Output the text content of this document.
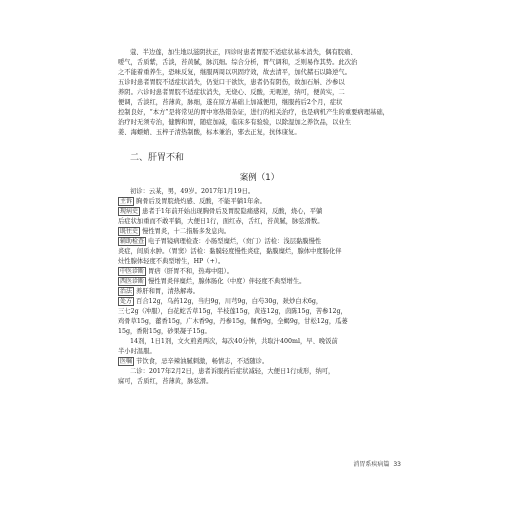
蔻、半边莲，加生地以滋阴扶正，四诊时患者胃脘不适症状基本消失，偶有脘痛、

嗳气，舌质紫，舌淡，苔黄腻，脉沉细。综合分析，胃气调和，乏则易作其势。此次治

之不能着重养生，恐味反复，继服两周以巩固疗效，故去清平，加代赭石以降逆气。

五诊时患者胃脘不适症状消失，仍觉口干欲饮，患者仍有阴伤，故加石斛、沙参以

养阴。六诊时患者胃脘不适症状消失，无烧心、反酸，无呃逆，纳可，便黄实，二

便调，舌淡红，苔薄黄，脉细，遂在原方基础上加减便用，继服药后2个月，症状

控制良好，“本方”是将常见的胃中寒热错杂证，进行的相关治疗，也是病机产生的重要病理基础，

治疗时无须专治，健脾和胃，随症加减，临床多有验验，以除湿加之养饮品，以业生

姜、海螵蛸、玉梓子清热制酸，标本兼治，邪去正复，抗体康复。

二、肝胃不和
案例（1）

初诊：云某，男，49岁。2017年1月19日。

主诉 胸骨后及胃脘烧灼感、反酸，不能平躺1年余。

现病史 患者于1年前开始出现胸骨后及胃脘隐痛感闷，反酸，烧心，平躺

后症状加重而不敢平躺，大便日1行，面红赤，舌红，苔黄腻，脉弦滑数。

既往史 慢性胃炎，十二指肠多发息肉。

辅助检查 电子胃镜病理检查：小肠型糜烂，（贲门）活检：浅层黏膜慢性

炎症，间质水肿。（胃窦）活检：黏膜轻度慢性炎症，黏膜糜烂，腺体中度肠化伴

灶性腺体轻度不典型增生，HP（+）。

中医诊断 胃痞（肝胃不和，热毒中阻）。

西医诊断 慢性胃炎伴糜烂，腺体肠化（中度）伴轻度不典型增生。

治法 养肝和胃，清热解毒。

处方 百合12g，乌药12g，当归9g，川芎9g，白芍30g，麸炒白术6g，

三七2g（冲服），白花蛇舌草15g，半枝莲15g，黄连12g，茵陈15g，苦参12g，

鸡骨草15g，藿香15g，广木香9g，丹参15g，佩香9g，全蝎9g，甘松12g，瓜蒌

15g，香附15g，砂果凝子15g。

14剂，1日1剂，文火煎煮两次，每次40分钟，共取汁400ml，早、晚饭前

半小时温服。

医嘱 节饮食，忌辛辣油腻刺激，畅情志，不适随诊。

二诊：2017年2月2日，患者诉服药后症状减轻，大便日1行成形，纳可，

寐可，舌质红，苔薄黄，脉弦滑。

消胃系疾病篇 33
